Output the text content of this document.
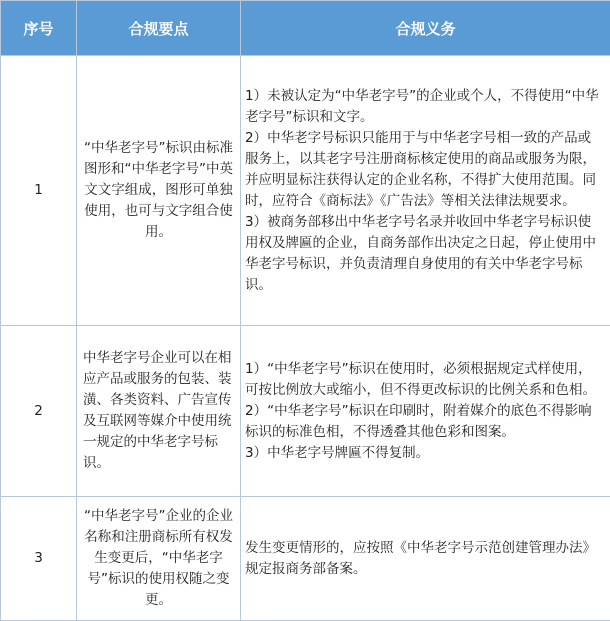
序号	合规要点	合规义务
1	“中华老字号”标识由标准图形和“中华老字号”中英文文字组成，图形可单独使用，也可与文字组合使用。	1）未被认定为“中华老字号”的企业或个人，不得使用“中华老字号”标识和文字。

2）中华老字号标识只能用于与中华老字号相一致的产品或服务上，以其老字号注册商标核定使用的商品或服务为限，并应明显标注获得认定的企业名称，不得扩大使用范围。同时，应符合《商标法》《广告法》等相关法律法规要求。

3）被商务部移出中华老字号名录并收回中华老字号标识使用权及牌匾的企业，自商务部作出决定之日起，停止使用中华老字号标识，并负责清理自身使用的有关中华老字号标识。

2	中华老字号企业可以在相应产品或服务的包装、装潢、各类资料、广告宣传及互联网等媒介中使用统一规定的中华老字号标识。	1）“中华老字号”标识在使用时，必须根据规定式样使用，可按比例放大或缩小，但不得更改标识的比例关系和色相。

2）“中华老字号”标识在印刷时，附着媒介的底色不得影响标识的标准色相，不得透叠其他色彩和图案。

3）中华老字号牌匾不得复制。

3	“中华老字号”企业的企业名称和注册商标所有权发生变更后，“中华老字号”标识的使用权随之变更。	发生变更情形的，应按照《中华老字号示范创建管理办法》规定报商务部备案。
